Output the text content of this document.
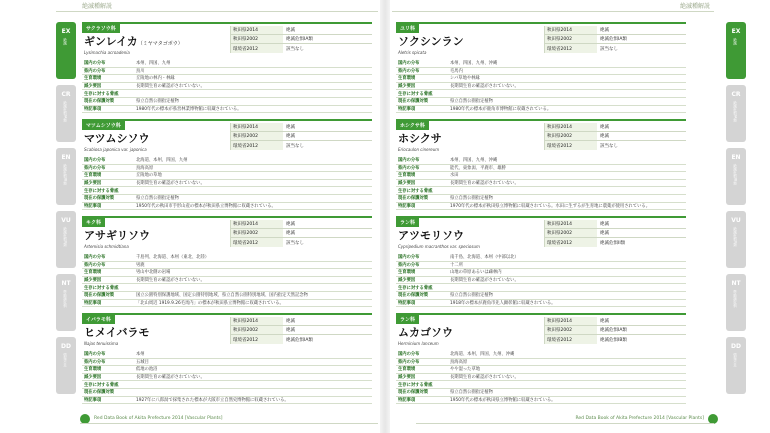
絶滅種解説
EX
絶滅
CR
絶滅危惧IA類
EN
絶滅危惧IB類
VU
絶滅危惧II類
NT
準絶滅危惧
DD
情報不足
サクラソウ科
ギンレイカ（ミヤマタゴボウ）
Lysimachia acroadenia
秋田県2014	絶滅
秋田県2002	絶滅危惧IA類
環境省2012	該当なし
国内の分布	本州、四国、九州
県内の分布	鳥川
生育環境	丘陵地の林内・林縁
減少要因	長期間生育の確認がされていない。
生存に対する脅威
現在の保護対策	県立自然公園指定植物
特記事項	1980年代の標本が県営林業博物館に収蔵されている。
マツムシソウ科
マツムシソウ
Scabiosa japonica var. japonica
秋田県2014	絶滅
秋田県2002	絶滅
環境省2012	該当なし
国内の分布	北海道、本州、四国、九州
県内の分布	鳥海高原
生育環境	丘陵地の草地
減少要因	長期間生育の確認がされていない。
生存に対する脅威
現在の保護対策	県立自然公園指定植物
特記事項	1950年代の秋田市手形山産の標本が秋田県立博物館に収蔵されている。
キク科
アサギリソウ
Artemisia schmidtiana
秋田県2014	絶滅
秋田県2002	絶滅
環境省2012	該当なし
国内の分布	千島列、北海道、本州（東北、北陸）
県内の分布	男鹿
生育環境	男山中北側の岩場
減少要因	長期間生育の確認がされていない。
生存に対する脅威
現在の保護対策	国立公園特別保護地域、国定公園特別地域、県立自然公園特別地域、国内指定天然記念物
特記事項	「北山周辺 1919.9.26毛馬内」の標本が秋田県立博物館に収蔵されている。
イバラモ科
ヒメイバラモ
Najas tenuissima
秋田県2014	絶滅
秋田県2002	絶滅
環境省2012	絶滅危惧IA類
国内の分布	本州
県内の分布	五城目
生育環境	低地の池沼
減少要因	長期間生育の確認がされていない。
生存に対する脅威
現在の保護対策
特記事項	1927年に八郎潟で採集された標本が大阪市立自然史博物館に収蔵されている。
Red Data Book of Akita Prefecture 2014 [Vascular Plants]
絶滅種解説
EX
絶滅
CR
絶滅危惧IA類
EN
絶滅危惧IB類
VU
絶滅危惧II類
NT
準絶滅危惧
DD
情報不足
ユリ科
ソクシンラン
Aletris spicata
秋田県2014	絶滅
秋田県2002	絶滅危惧IA類
環境省2012	該当なし
国内の分布	本州、四国、九州、沖縄
県内の分布	毛馬内
生育環境	シバ草地や林縁
減少要因	長期間生育の確認がされていない。
生存に対する脅威
現在の保護対策	県立自然公園指定植物
特記事項	1980年代の標本が鹿角市博物館に収蔵されている。
ホシクサ科
ホシクサ
Eriocaulon cinereum
秋田県2014	絶滅
秋田県2002	絶滅
環境省2012	該当なし
国内の分布	本州、四国、九州、沖縄
県内の分布	能代、東象潟、平鹿市、雄勝
生育環境	水田
減少要因	長期間生育の確認がされていない。
生存に対する脅威
現在の保護対策	県立自然公園指定植物
特記事項	1970年代の標本が秋田県立博物館に収蔵されている。水田に生ずるが生育地に農薬が使用されている。
ラン科
アツモリソウ
Cypripedium macranthos var. speciosum
秋田県2014	絶滅
秋田県2002	絶滅
環境省2012	絶滅危惧II類
国内の分布	南千島、北海道、本州（中部以北）
県内の分布	十二所
生育環境	山地の草原あるいは疎林内
減少要因	長期間生育の確認がされていない。
生存に対する脅威
現在の保護対策	県立自然公園指定植物
特記事項	1918年の標本が鹿角市先人顕彰館に収蔵されている。
ラン科
ムカゴソウ
Herminium lanceum
秋田県2014	絶滅
秋田県2002	絶滅危惧IA類
環境省2012	絶滅危惧IB類
国内の分布	北海道、本州、四国、九州、沖縄
県内の分布	鳥海高原
生育環境	やや湿った草地
減少要因	長期間生育の確認がされていない。
生存に対する脅威
現在の保護対策	県立自然公園指定植物
特記事項	1950年代の標本が秋田県立博物館に収蔵されている。
Red Data Book of Akita Prefecture 2014 [Vascular Plants]
